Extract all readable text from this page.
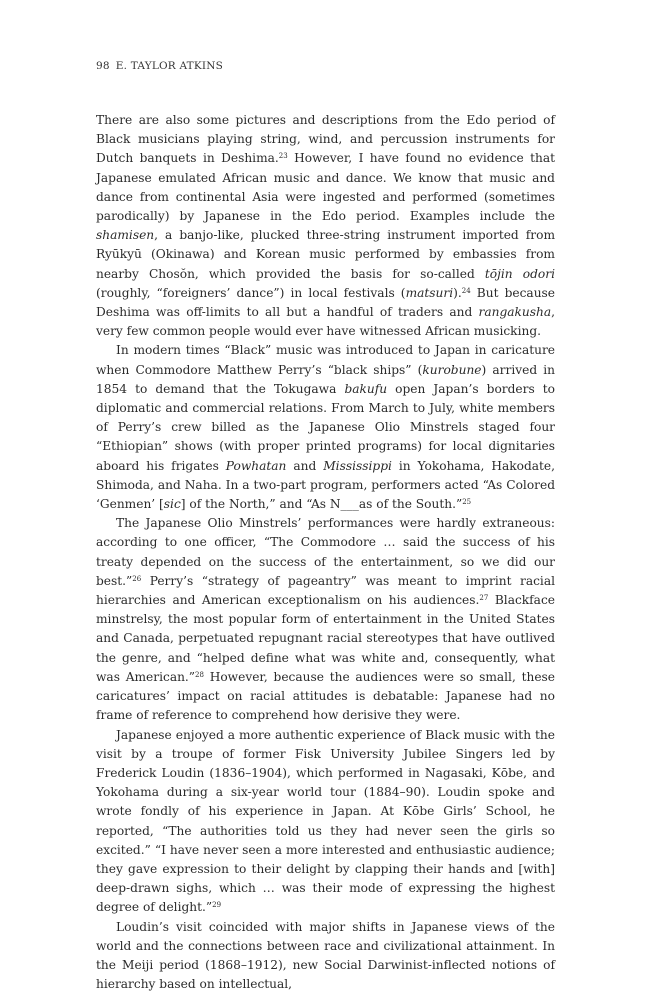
98 E. TAYLOR ATKINS

There are also some pictures and descriptions from the Edo period of Black musicians playing string, wind, and percussion instruments for Dutch banquets in Deshima.$^{23}$ However, I have found no evidence that Japanese emulated African music and dance. We know that music and dance from continental Asia were ingested and performed (sometimes parodically) by Japanese in the Edo period. Examples include the shamisen, a banjo-like, plucked three-string instrument imported from Ryūkyū (Okinawa) and Korean music performed by embassies from nearby Chosŏn, which provided the basis for so-called tōjin odori (roughly, “foreigners’ dance”) in local festivals (matsuri).$^{24}$ But because Deshima was off-limits to all but a handful of traders and rangakusha, very few common people would ever have witnessed African musicking.

In modern times “Black” music was introduced to Japan in caricature when Commodore Matthew Perry’s “black ships” (kurobune) arrived in 1854 to demand that the Tokugawa bakufu open Japan’s borders to diplomatic and commercial relations. From March to July, white members of Perry’s crew billed as the Japanese Olio Minstrels staged four “Ethiopian” shows (with proper printed programs) for local dignitaries aboard his frigates Powhatan and Mississippi in Yokohama, Hakodate, Shimoda, and Naha. In a two-part program, performers acted “As Colored ‘Genmen’ [sic] of the North,” and “As N___as of the South.”$^{25}$

The Japanese Olio Minstrels’ performances were hardly extraneous: according to one officer, “The Commodore … said the success of his treaty depended on the success of the entertainment, so we did our best.”$^{26}$ Perry’s “strategy of pageantry” was meant to imprint racial hierarchies and American exceptionalism on his audiences.$^{27}$ Blackface minstrelsy, the most popular form of entertainment in the United States and Canada, perpetuated repugnant racial stereotypes that have outlived the genre, and “helped define what was white and, consequently, what was American.”$^{28}$ However, because the audiences were so small, these caricatures’ impact on racial attitudes is debatable: Japanese had no frame of reference to comprehend how derisive they were.

Japanese enjoyed a more authentic experience of Black music with the visit by a troupe of former Fisk University Jubilee Singers led by Frederick Loudin (1836–1904), which performed in Nagasaki, Kōbe, and Yokohama during a six-year world tour (1884–90). Loudin spoke and wrote fondly of his experience in Japan. At Kōbe Girls’ School, he reported, “The authorities told us they had never seen the girls so excited.” “I have never seen a more interested and enthusiastic audience; they gave expression to their delight by clapping their hands and [with] deep-drawn sighs, which … was their mode of expressing the highest degree of delight.”$^{29}$

Loudin’s visit coincided with major shifts in Japanese views of the world and the connections between race and civilizational attainment. In the Meiji period (1868–1912), new Social Darwinist-inflected notions of hierarchy based on intellectual,
